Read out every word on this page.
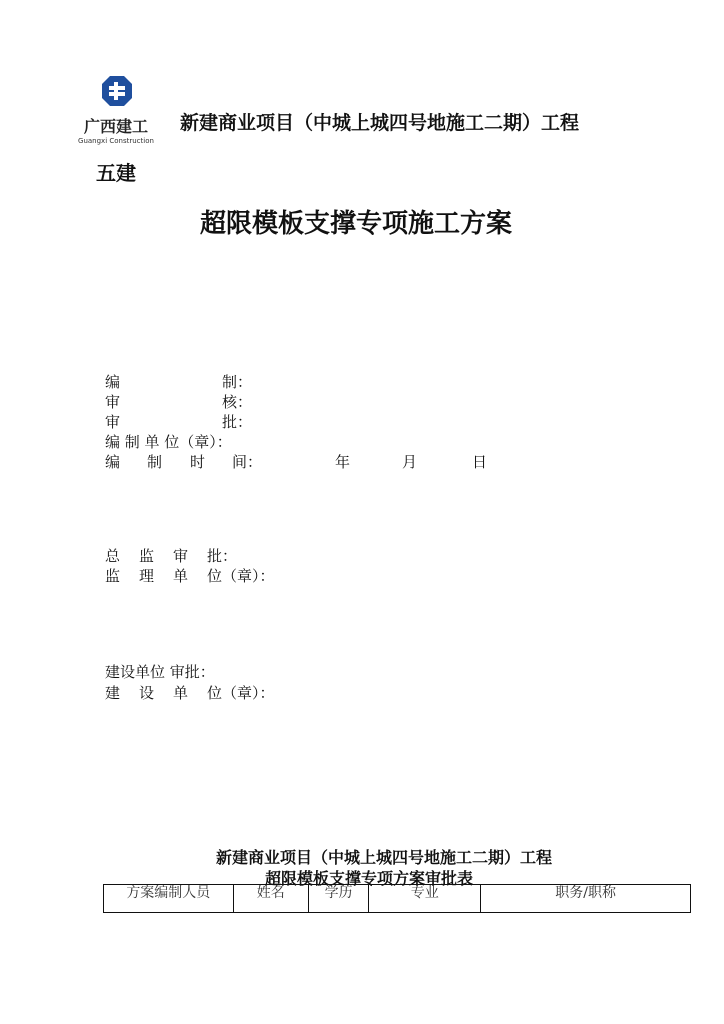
广西建工
Guangxi Construction
五建
新建商业项目（中城上城四号地施工二期）工程
超限模板支撑专项施工方案
编	制：
审	核：
审	批：
编 制 单 位（章）：
编 制 时 间：	年	月	日
总 监 审 批：
监 理 单 位（章）：
建设单位 审批：
建 设 单 位（章）：
新建商业项目（中城上城四号地施工二期）工程
超限模板支撑专项方案审批表
方案编制人员	姓名	学历	专业	职务/职称
